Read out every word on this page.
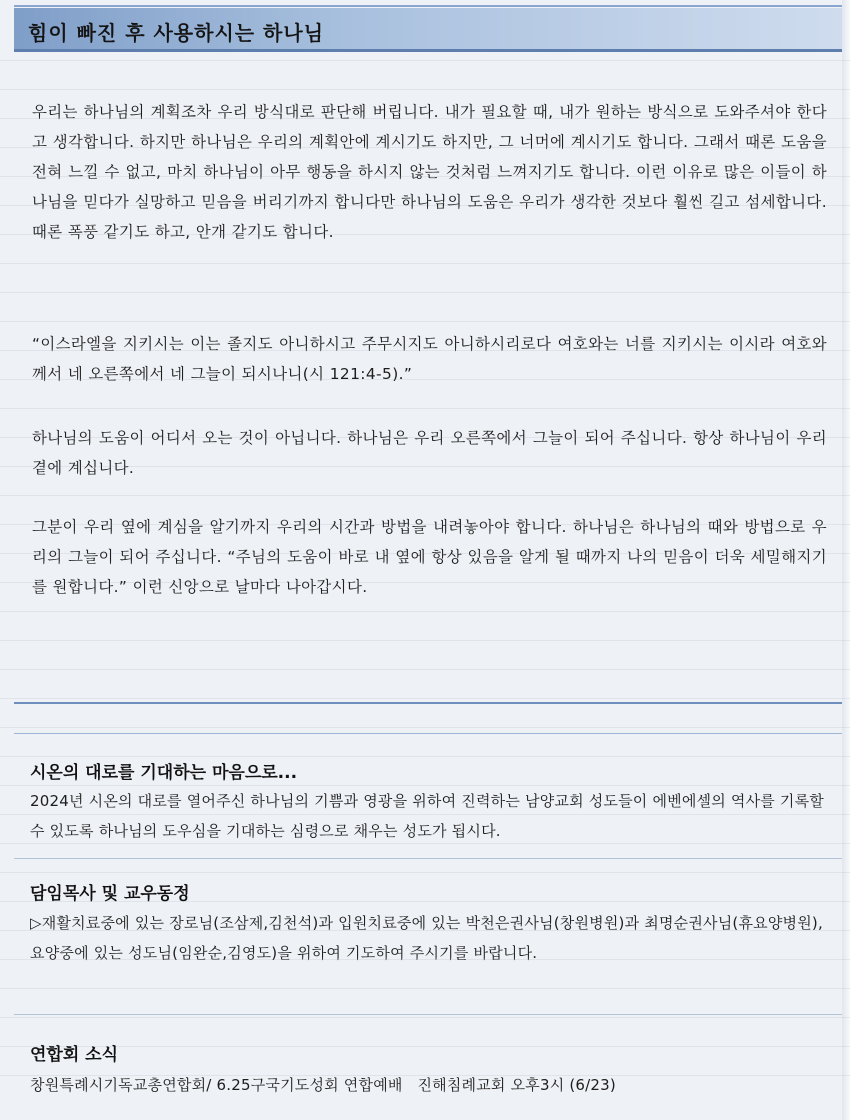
힘이 빠진 후 사용하시는 하나님

우리는 하나님의 계획조차 우리 방식대로 판단해 버립니다. 내가 필요할 때, 내가 원하는 방식으로 도와주셔야 한다고 생각합니다. 하지만 하나님은 우리의 계획안에 계시기도 하지만, 그 너머에 계시기도 합니다. 그래서 때론 도움을 전혀 느낄 수 없고, 마치 하나님이 아무 행동을 하시지 않는 것처럼 느껴지기도 합니다. 이런 이유로 많은 이들이 하나님을 믿다가 실망하고 믿음을 버리기까지 합니다만 하나님의 도움은 우리가 생각한 것보다 훨씬 길고 섬세합니다. 때론 폭풍 같기도 하고, 안개 같기도 합니다.

“이스라엘을 지키시는 이는 졸지도 아니하시고 주무시지도 아니하시리로다 여호와는 너를 지키시는 이시라 여호와께서 네 오른쪽에서 네 그늘이 되시나니(시 121:4-5).”

하나님의 도움이 어디서 오는 것이 아닙니다. 하나님은 우리 오른쪽에서 그늘이 되어 주십니다. 항상 하나님이 우리 곁에 계십니다.

그분이 우리 옆에 계심을 알기까지 우리의 시간과 방법을 내려놓아야 합니다. 하나님은 하나님의 때와 방법으로 우리의 그늘이 되어 주십니다. “주님의 도움이 바로 내 옆에 항상 있음을 알게 될 때까지 나의 믿음이 더욱 세밀해지기를 원합니다.” 이런 신앙으로 날마다 나아갑시다.

시온의 대로를 기대하는 마음으로...

2024년 시온의 대로를 열어주신 하나님의 기쁨과 영광을 위하여 진력하는 남양교회 성도들이 에벤에셀의 역사를 기록할 수 있도록 하나님의 도우심을 기대하는 심령으로 채우는 성도가 됩시다.

담임목사 및 교우동정

▷재활치료중에 있는 장로님(조삼제,김천석)과 입원치료중에 있는 박천은권사님(창원병원)과 최명순권사님(휴요양병원), 요양중에 있는 성도님(임완순,김영도)을 위하여 기도하여 주시기를 바랍니다.

연합회 소식

창원특례시기독교총연합회/ 6.25구국기도성회 연합예배   진해침례교회 오후3시 (6/23)
